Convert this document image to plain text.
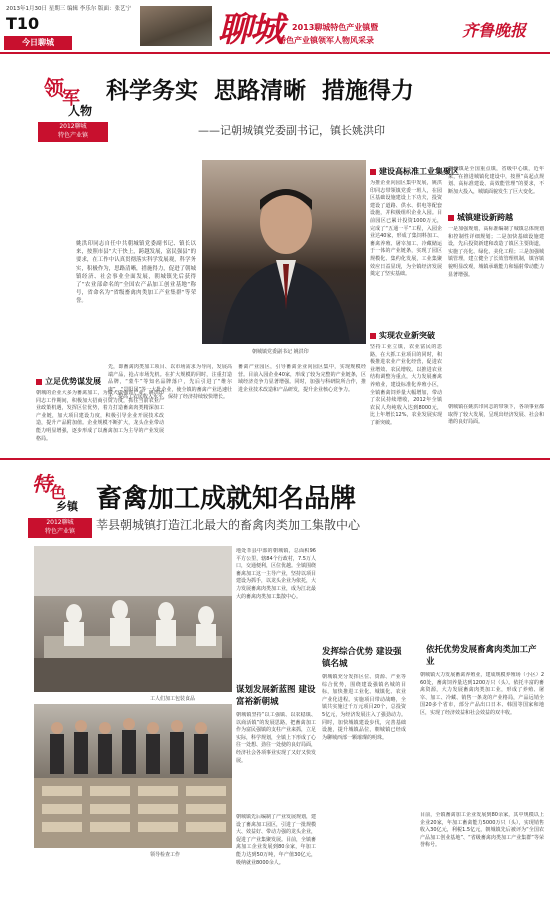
2013年1月30日 星期三 编辑 李乐尔 版面：张艺宁
T10
今日聊城	聊城 2013聊城特色产业镇暨
特色产业镇领军人物风采录
齐鲁晚报
领
军
人物
2012聊城
特色产业镇
科学务实  思路清晰  措施得力
——记朝城镇党委副书记，镇长姚洪印
朝城镇党委副书记 姚洪印
姚洪印同志自任中共朝城镇党委副书记、镇长以来，按照市县“大干快上，跨越发展，富民强县”的要求，在工作中认真贯彻落实科学发展观，科学务实，积极作为，思路清晰，措施得力，促进了朝城镇经济、社会事业全面发展，朝城镇先后获得了“农业部命名的”全国农产品加工创业基地“称号，省命名为”省级畜禽肉类加工产业集群“等荣誉。
立足优势谋发展
朝城的企业大多为畜禽加工，为做大做强该产业，姚洪印同志工作期间，积极加大招商引资力度，抓住当前农业产业政策机遇，发挥区位优势，着力打造畜禽肉类精深加工产业链，加大项目建设力度，积极引导企业开展技术改造，提升产品附加值。企业规模不断扩大，龙头企业带动能力明显增强，逐步形成了以畜禽加工为主导的产业发展格局。
先，即畜禽肉类加工项目、以市场需求为导向，发展高端产品，抢占市场先机。在扩大规模的同时，注重打造品牌，“蒙牛”等知名品牌落户，先后引进了“维尔康”、“景阳冈”等一大批企业，使全镇的畜禽产业迅速壮大，提高了农民收入水平，保持了经济持续较快增长。
畜禽产业园区，引导畜禽企业向园区集中，实现规模经营。目前入园企业40家，形成了较为完整的产业链条，区域经济竞争力显著增强。同时，加强与科研院所合作，推进企业技术改造和产品研发，提升企业核心竞争力。
建设高标准工业集聚区
为推企业向园区集中发展，姚洪印同志带领镇党委一班人，在园区基础设施建设上下功夫，投资建设了道路、供水、供电等配套设施，并积极组织企业入园。目前园区已累计投资1000万元，完成了“五通一平”工程，入园企业达40家，形成了集饲料加工、畜禽养殖、屠宰加工、冷藏储运于一体的产业链条，实现了园区规模化、集约化发展，工业集聚效应日益显现，为全镇经济发展奠定了坚实基础。
实现农业新突破
坚持工业立镇，农业富民的思路，在大抓工业项目的同时，积极推进农业产业化经营，促进农业增效、农民增收。以推进农业结构调整为重点，大力发展畜禽养殖业，建设标准化养殖小区，全镇畜禽饲养量大幅增加，带动了农民持续增收，2012年全镇农民人均纯收入达到8000元，比上年增长12%，农业发展实现了新突破。
朝城镇是全国重点镇，省级中心镇，近年来，在推进城镇化建设中，按照“高起点规划、高标准建设、高效能管理”的要求，不断加大投入，城镇面貌发生了巨大变化。
城镇建设新跨越
一是加强规划，高标准编制了城镇总体规划和控制性详细规划；二是加快基础设施建设，先后投资新建和改造了镇区主要街道，实施了亮化、绿化、美化工程；三是加强城镇管理，建立健全了长效管理机制，镇容镇貌明显改观，城镇承载能力和辐射带动能力显著增强。
朝城镇在姚洪印同志的带领下，各项事业都取得了较大发展，呈现出经济发展、社会和谐的良好局面。
特
色
乡镇
2012聊城
特色产业镇
畜禽加工成就知名品牌
莘县朝城镇打造江北最大的畜禽肉类加工集散中心
工人们加工包装食品
领导检查工作
地处莘县中部的朝城镇，总面积96平方公里，辖84个行政村，7.5万人口，交通便利，区位优越。全镇围绕畜禽加工这一主导产业，坚持以项目建设为抓手，以龙头企业为依托，大力发展畜禽肉类加工业，成为江北最大的畜禽肉类加工集散中心。
谋划发展新蓝图 建设富裕新朝城
朝城镇坚持“以工强镇、以农稳镇、以商活镇”的发展思路，把畜禽加工作为富民强镇的支柱产业来抓，立足实际，科学规划，全镇上下形成了心往一处想、劲往一处使的良好局面，经济社会各项事业实现了又好又快发展。
朝城镇先后编制了产业发展规划，建设了畜禽加工园区，引进了一批规模大、效益好、带动力强的龙头企业，促进了产业集聚发展。目前，全镇畜禽加工企业发展到80余家，年加工能力达到50万吨，年产值30亿元，吸纳就业8000余人。
发挥综合优势 建设强镇名城
朝城镇充分发挥区位、资源、产业等综合优势，围绕建设强镇名城的目标，加快推进工业化、城镇化、农业产业化进程。实施项目带动战略，全镇共实施过千万元项目20个，总投资5亿元，为经济发展注入了强劲动力。同时，加快城镇建设步伐，完善基础设施，提升城镇品位，朝城镇已经成为聊城西部一颗璀璨的明珠。
依托优势发展畜禽肉类加工产业
朝城镇大力发展畜禽养殖业，建成规模养殖场（小区）260处，畜禽饲养量达到1200万只（头）。依托丰富的畜禽资源，大力发展畜禽肉类加工业，形成了养殖、屠宰、加工、冷藏、销售一条龙的产业格局，产品远销全国20多个省市，部分产品出口日本、韩国等国家和地区，实现了经济效益和社会效益的双丰收。
目前，全镇畜禽加工企业发展到80余家，其中规模以上企业20家，年加工畜禽能力5000万只（头），实现销售收入30亿元，利税1.5亿元，朝城镇先后被评为“全国农产品加工创业基地”、“省级畜禽肉类加工产业集群”等荣誉称号。
